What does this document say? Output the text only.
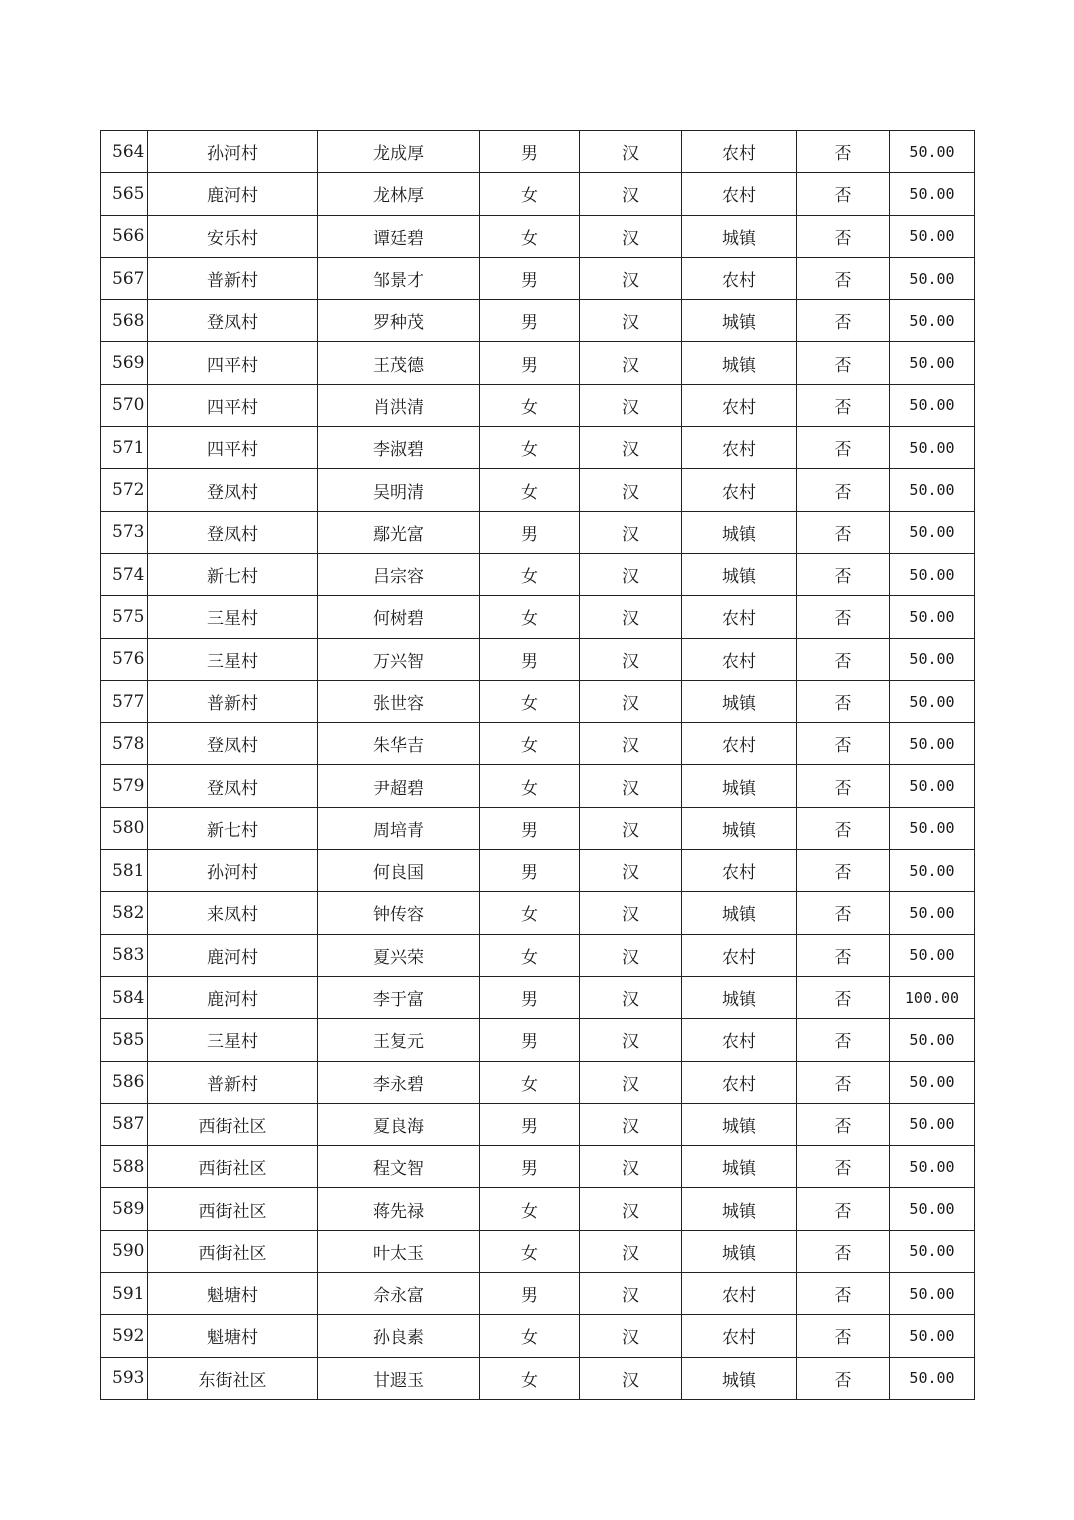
564	孙河村	龙成厚	男	汉	农村	否	50.00
565	鹿河村	龙林厚	女	汉	农村	否	50.00
566	安乐村	谭廷碧	女	汉	城镇	否	50.00
567	普新村	邹景才	男	汉	农村	否	50.00
568	登凤村	罗种茂	男	汉	城镇	否	50.00
569	四平村	王茂德	男	汉	城镇	否	50.00
570	四平村	肖洪清	女	汉	农村	否	50.00
571	四平村	李淑碧	女	汉	农村	否	50.00
572	登凤村	吴明清	女	汉	农村	否	50.00
573	登凤村	鄢光富	男	汉	城镇	否	50.00
574	新七村	吕宗容	女	汉	城镇	否	50.00
575	三星村	何树碧	女	汉	农村	否	50.00
576	三星村	万兴智	男	汉	农村	否	50.00
577	普新村	张世容	女	汉	城镇	否	50.00
578	登凤村	朱华吉	女	汉	农村	否	50.00
579	登凤村	尹超碧	女	汉	城镇	否	50.00
580	新七村	周培青	男	汉	城镇	否	50.00
581	孙河村	何良国	男	汉	农村	否	50.00
582	来凤村	钟传容	女	汉	城镇	否	50.00
583	鹿河村	夏兴荣	女	汉	农村	否	50.00
584	鹿河村	李于富	男	汉	城镇	否	100.00
585	三星村	王复元	男	汉	农村	否	50.00
586	普新村	李永碧	女	汉	农村	否	50.00
587	西街社区	夏良海	男	汉	城镇	否	50.00
588	西街社区	程文智	男	汉	城镇	否	50.00
589	西街社区	蒋先禄	女	汉	城镇	否	50.00
590	西街社区	叶太玉	女	汉	城镇	否	50.00
591	魁塘村	佘永富	男	汉	农村	否	50.00
592	魁塘村	孙良素	女	汉	农村	否	50.00
593	东街社区	甘遐玉	女	汉	城镇	否	50.00
